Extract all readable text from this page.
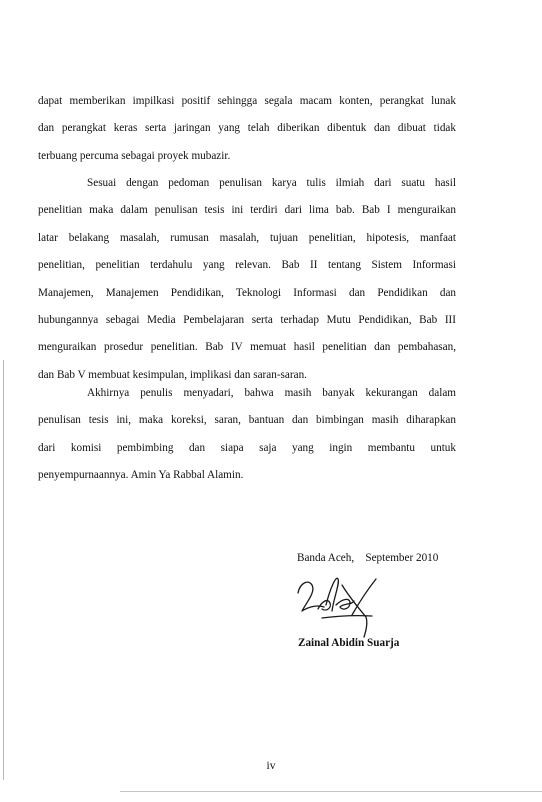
dapat memberikan impilkasi positif sehingga segala macam konten, perangkat lunak
dan perangkat keras serta jaringan yang telah diberikan dibentuk dan dibuat tidak
terbuang percuma sebagai proyek mubazir.
Sesuai dengan pedoman penulisan karya tulis ilmiah dari suatu hasil
penelitian maka dalam penulisan tesis ini terdiri dari lima bab. Bab I menguraikan
latar belakang masalah, rumusan masalah, tujuan penelitian, hipotesis, manfaat
penelitian, penelitian terdahulu yang relevan. Bab II tentang Sistem Informasi
Manajemen, Manajemen Pendidikan, Teknologi Informasi dan Pendidikan dan
hubungannya sebagai Media Pembelajaran serta terhadap Mutu Pendidikan, Bab III
menguraikan prosedur penelitian. Bab IV memuat hasil penelitian dan pembahasan,
dan Bab V membuat kesimpulan, implikasi dan saran-saran.
Akhirnya penulis menyadari, bahwa masih banyak kekurangan dalam
penulisan tesis ini, maka koreksi, saran, bantuan dan bimbingan masih diharapkan
dari komisi pembimbing dan siapa saja yang ingin membantu untuk
penyempurnaannya. Amin Ya Rabbal Alamin.
Banda Aceh,    September 2010
Zainal Abidin Suarja
iv
